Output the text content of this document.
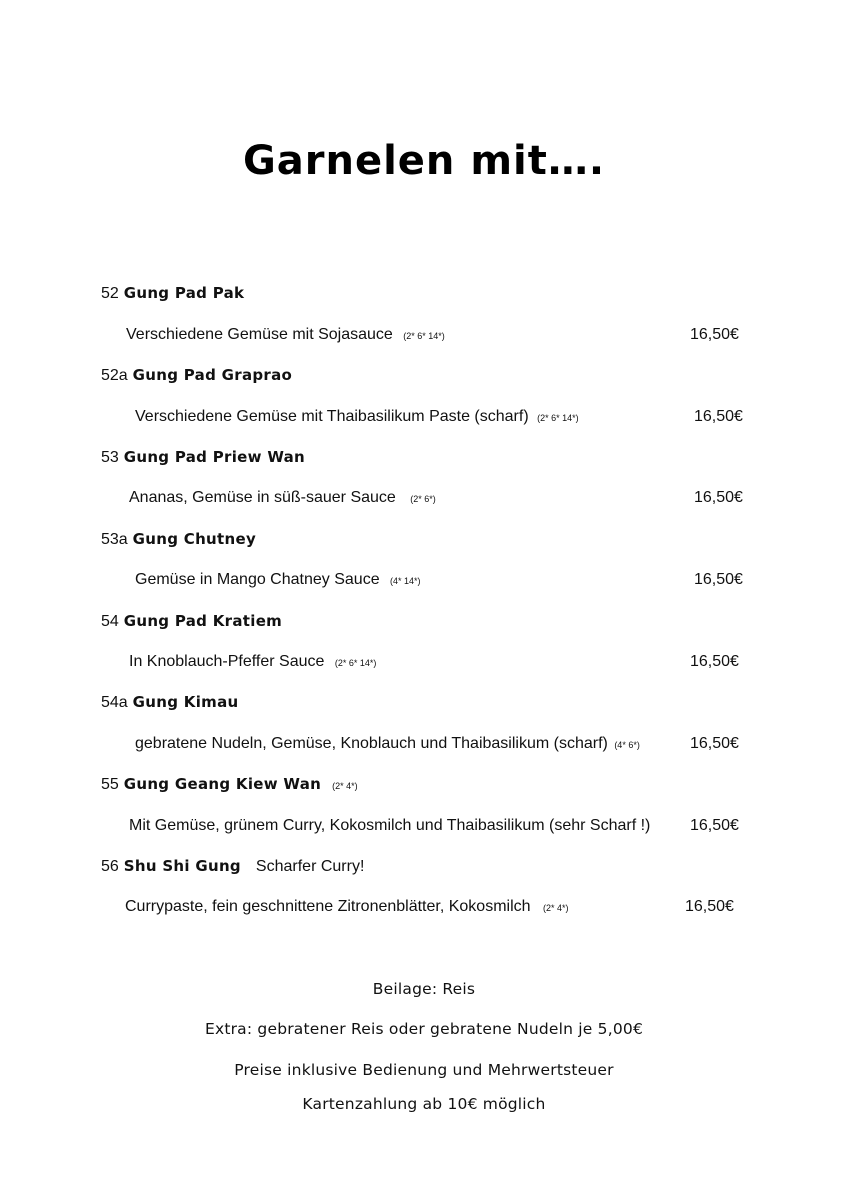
Garnelen mit….
52 Gung Pad Pak
Verschiedene Gemüse mit Sojasauce (2* 6* 14*)	16,50€
52a Gung Pad Graprao
Verschiedene Gemüse mit Thaibasilikum Paste (scharf) (2* 6* 14*)	16,50€
53 Gung Pad Priew Wan
Ananas, Gemüse in süß-sauer Sauce (2* 6*)	16,50€
53a Gung Chutney
Gemüse in Mango Chatney Sauce (4* 14*)	16,50€
54 Gung Pad Kratiem
In Knoblauch-Pfeffer Sauce (2* 6* 14*)	16,50€
54a Gung Kimau
gebratene Nudeln, Gemüse, Knoblauch und Thaibasilikum (scharf) (4* 6*)	16,50€
55 Gung Geang Kiew Wan (2* 4*)
Mit Gemüse, grünem Curry, Kokosmilch und Thaibasilikum (sehr Scharf !) 16,50€
56 Shu Shi Gung Scharfer Curry!
Currypaste, fein geschnittene Zitronenblätter, Kokosmilch (2* 4*)	16,50€
Beilage: Reis
Extra: gebratener Reis oder gebratene Nudeln je 5,00€
Preise inklusive Bedienung und Mehrwertsteuer
Kartenzahlung ab 10€ möglich
